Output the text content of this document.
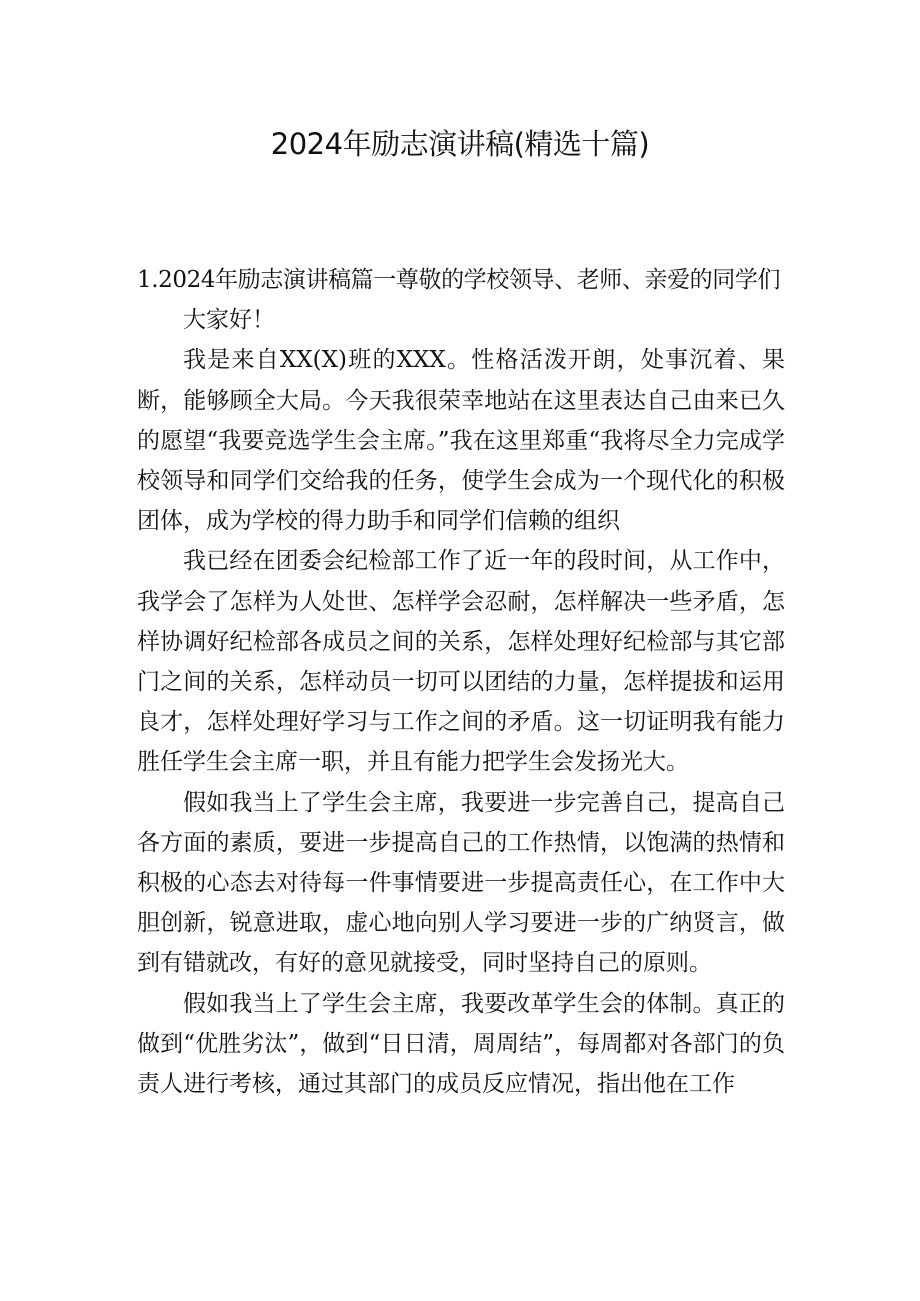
2024年励志演讲稿(精选十篇)

1.2024年励志演讲稿篇一尊敬的学校领导、老师、亲爱的同学们

大家好！

我是来自XX(X)班的XXX。性格活泼开朗，处事沉着、果断，能够顾全大局。今天我很荣幸地站在这里表达自己由来已久的愿望“我要竞选学生会主席。”我在这里郑重“我将尽全力完成学校领导和同学们交给我的任务，使学生会成为一个现代化的积极团体，成为学校的得力助手和同学们信赖的组织

我已经在团委会纪检部工作了近一年的段时间，从工作中，我学会了怎样为人处世、怎样学会忍耐，怎样解决一些矛盾，怎样协调好纪检部各成员之间的关系，怎样处理好纪检部与其它部门之间的关系，怎样动员一切可以团结的力量，怎样提拔和运用良才，怎样处理好学习与工作之间的矛盾。这一切证明我有能力胜任学生会主席一职，并且有能力把学生会发扬光大。

假如我当上了学生会主席，我要进一步完善自己，提高自己各方面的素质，要进一步提高自己的工作热情，以饱满的热情和积极的心态去对待每一件事情要进一步提高责任心，在工作中大胆创新，锐意进取，虚心地向别人学习要进一步的广纳贤言，做到有错就改，有好的意见就接受，同时坚持自己的原则。

假如我当上了学生会主席，我要改革学生会的体制。真正的做到“优胜劣汰”，做到“日日清，周周结”，每周都对各部门的负责人进行考核，通过其部门的成员反应情况，指出他在工作
